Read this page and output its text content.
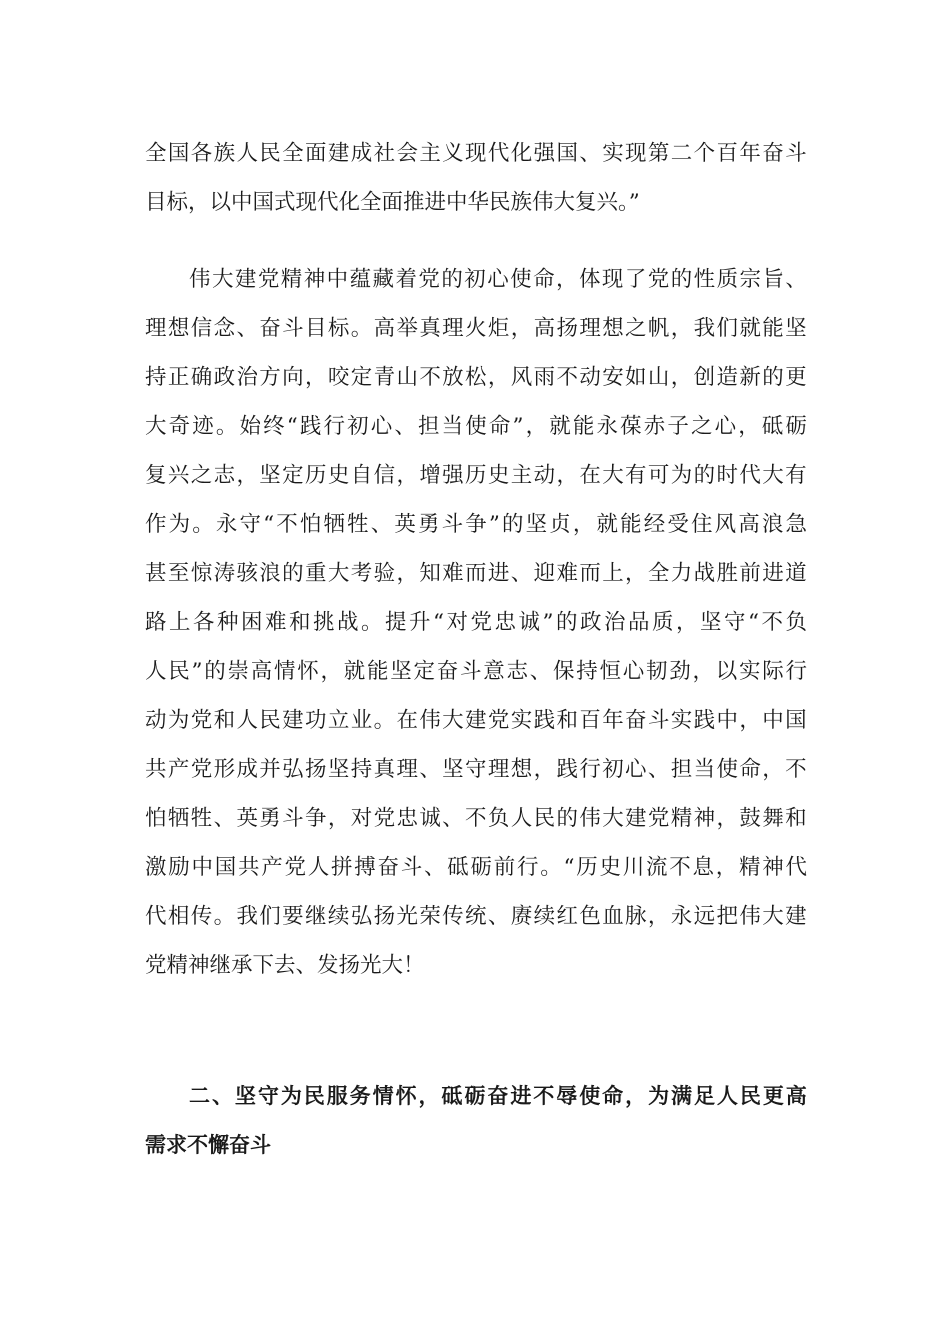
全 国 各 族 人 民 全 面 建 成 社 会 主 义 现 代 化 强 国 、 实 现 第 二 个 百 年 奋 斗
目标，以中国式现代化全面推进中华民族伟大复兴。”
伟 大 建 党 精 神 中 蕴 藏 着 党 的 初 心 使 命 ， 体 现 了 党 的 性 质 宗 旨 、
理 想 信 念 、 奋 斗 目 标 。 高 举 真 理 火 炬 ， 高 扬 理 想 之 帆 ， 我 们 就 能 坚
持 正 确 政 治 方 向 ， 咬 定 青 山 不 放 松 ， 风 雨 不 动 安 如 山 ， 创 造 新 的 更
大 奇 迹 。 始 终 “ 践 行 初 心 、 担 当 使 命 ” ， 就 能 永 葆 赤 子 之 心 ， 砥 砺
复 兴 之 志 ， 坚 定 历 史 自 信 ， 增 强 历 史 主 动 ， 在 大 有 可 为 的 时 代 大 有
作 为 。 永 守 “ 不 怕 牺 牲 、 英 勇 斗 争 ” 的 坚 贞 ， 就 能 经 受 住 风 高 浪 急
甚 至 惊 涛 骇 浪 的 重 大 考 验 ， 知 难 而 进 、 迎 难 而 上 ， 全 力 战 胜 前 进 道
路 上 各 种 困 难 和 挑 战 。 提 升 “ 对 党 忠 诚 ” 的 政 治 品 质 ， 坚 守 “ 不 负
人 民 ” 的 崇 高 情 怀 ， 就 能 坚 定 奋 斗 意 志 、 保 持 恒 心 韧 劲 ， 以 实 际 行
动 为 党 和 人 民 建 功 立 业 。 在 伟 大 建 党 实 践 和 百 年 奋 斗 实 践 中 ， 中 国
共 产 党 形 成 并 弘 扬 坚 持 真 理 、 坚 守 理 想 ， 践 行 初 心 、 担 当 使 命 ， 不
怕 牺 牲 、 英 勇 斗 争 ， 对 党 忠 诚 、 不 负 人 民 的 伟 大 建 党 精 神 ， 鼓 舞 和
激 励 中 国 共 产 党 人 拼 搏 奋 斗 、 砥 砺 前 行 。 “ 历 史 川 流 不 息 ， 精 神 代
代 相 传 。 我 们 要 继 续 弘 扬 光 荣 传 统 、 赓 续 红 色 血 脉 ， 永 远 把 伟 大 建
党精神继承下去、发扬光大！
二 、 坚 守 为 民 服 务 情 怀 ， 砥 砺 奋 进 不 辱 使 命 ， 为 满 足 人 民 更 高
需求不懈奋斗
